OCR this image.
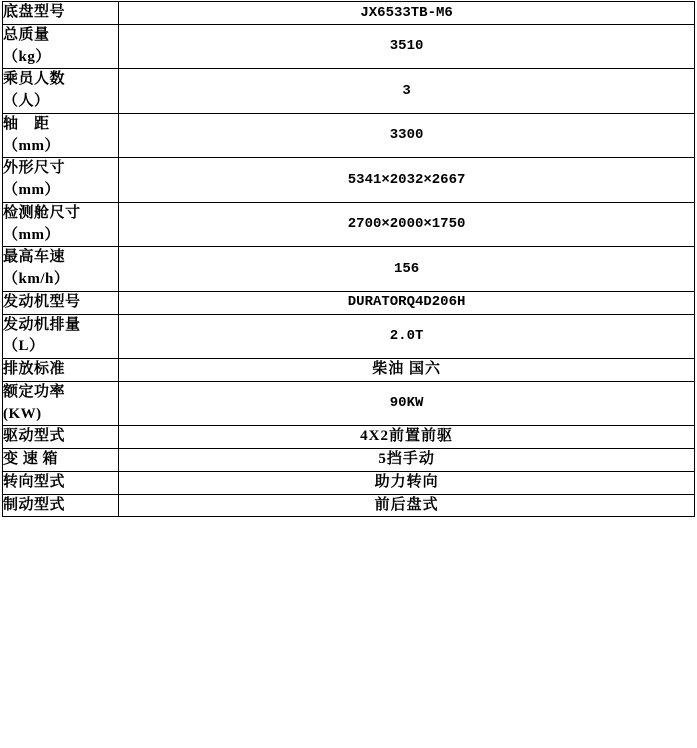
底盘型号	JX6533TB-M6

总质量
（kg）	3510

乘员人数
（人）	3

轴　距
（mm）	3300

外形尺寸
（mm）	5341×2032×2667

检测舱尺寸
（mm）	2700×2000×1750

最高车速
（km/h）	156

发动机型号	DURATORQ4D206H

发动机排量
（L）	2.0T

排放标准	柴油 国六

额定功率
(KW)	90KW

驱动型式	4X2前置前驱

变 速 箱	5挡手动

转向型式	助力转向

制动型式	前后盘式
